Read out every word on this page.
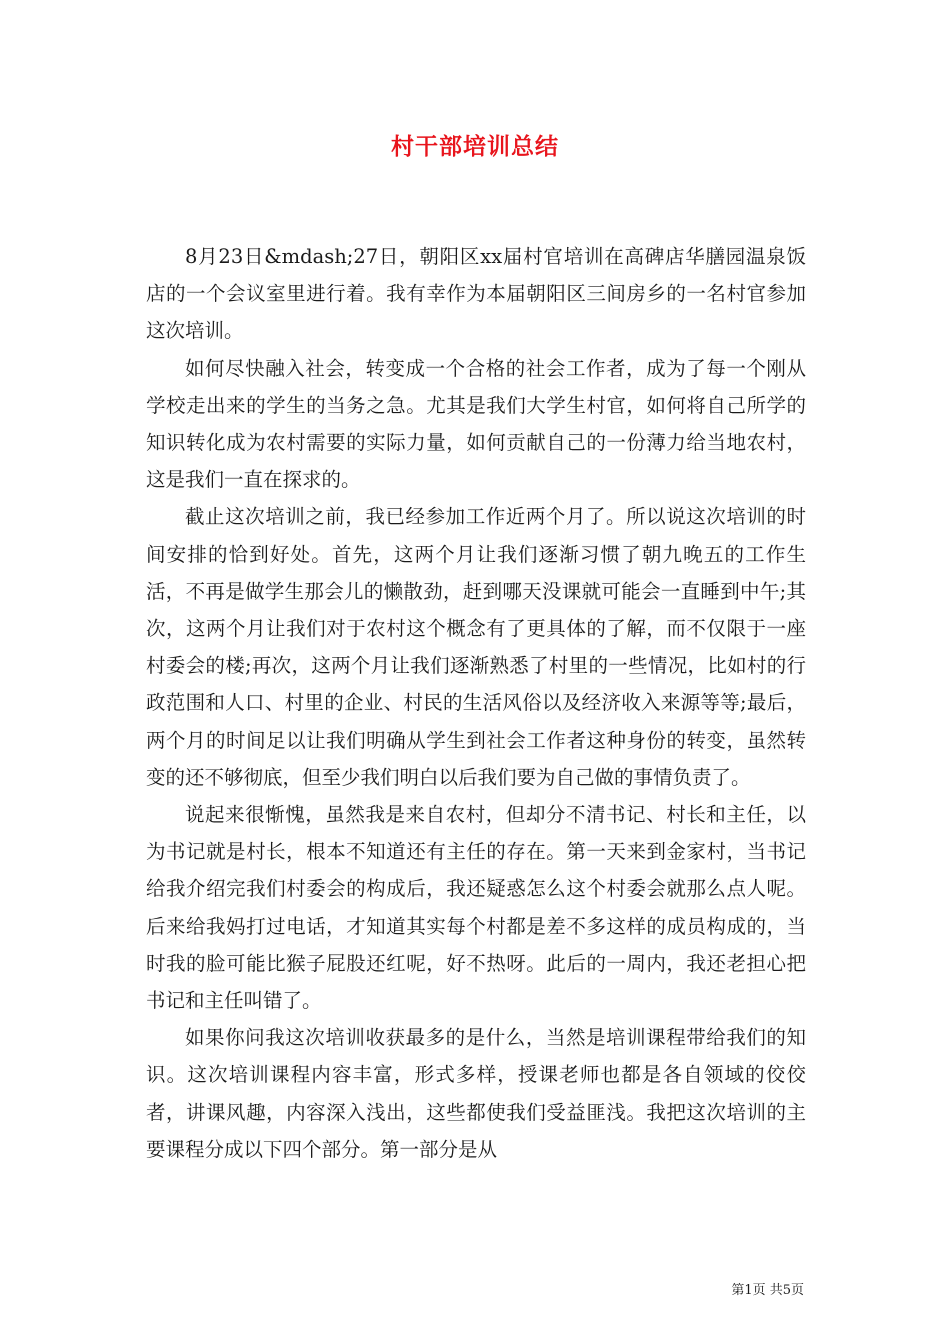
村干部培训总结

8月23日&mdash;27日，朝阳区xx届村官培训在高碑店华膳园温泉饭店的一个会议室里进行着。我有幸作为本届朝阳区三间房乡的一名村官参加这次培训。

如何尽快融入社会，转变成一个合格的社会工作者，成为了每一个刚从学校走出来的学生的当务之急。尤其是我们大学生村官，如何将自己所学的知识转化成为农村需要的实际力量，如何贡献自己的一份薄力给当地农村，这是我们一直在探求的。

截止这次培训之前，我已经参加工作近两个月了。所以说这次培训的时间安排的恰到好处。首先，这两个月让我们逐渐习惯了朝九晚五的工作生活，不再是做学生那会儿的懒散劲，赶到哪天没课就可能会一直睡到中午;其次，这两个月让我们对于农村这个概念有了更具体的了解，而不仅限于一座村委会的楼;再次，这两个月让我们逐渐熟悉了村里的一些情况，比如村的行政范围和人口、村里的企业、村民的生活风俗以及经济收入来源等等;最后，两个月的时间足以让我们明确从学生到社会工作者这种身份的转变，虽然转变的还不够彻底，但至少我们明白以后我们要为自己做的事情负责了。

说起来很惭愧，虽然我是来自农村，但却分不清书记、村长和主任，以为书记就是村长，根本不知道还有主任的存在。第一天来到金家村，当书记给我介绍完我们村委会的构成后，我还疑惑怎么这个村委会就那么点人呢。后来给我妈打过电话，才知道其实每个村都是差不多这样的成员构成的，当时我的脸可能比猴子屁股还红呢，好不热呀。此后的一周内，我还老担心把书记和主任叫错了。

如果你问我这次培训收获最多的是什么，当然是培训课程带给我们的知识。这次培训课程内容丰富，形式多样，授课老师也都是各自领域的佼佼者，讲课风趣，内容深入浅出，这些都使我们受益匪浅。我把这次培训的主要课程分成以下四个部分。第一部分是从

第1页 共5页
